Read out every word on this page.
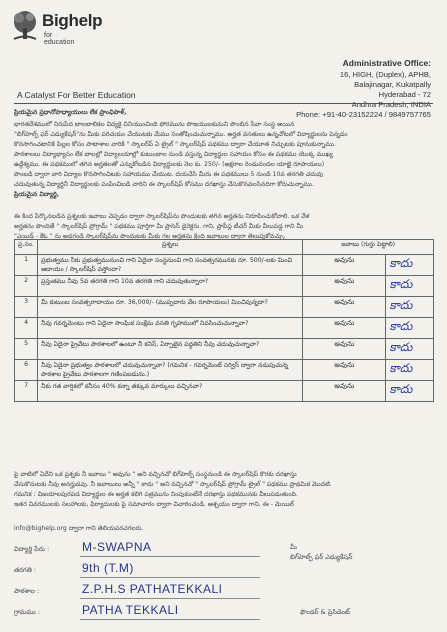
Bighelp
for education
A Catalyst For Better Education
Administrative Office:
16, HIGH, (Duplex), APHB,
Balajinagar, Kukatpally
Hyderabad - 72
Andhra Pradesh, INDIA
Phone: +91-40-23152224 / 9849757765
ప్రియమైన ప్రధానోపాధ్యాయులు లేక ప్రాంఛిపాళ్,
భారతదేశములో నిరుపేద బాలబాలికల విద్యకై వినియుంచింది ఫోరమును పొఇయుబకుమని పొంబిన సేవా సంస్థ అయిన
"బిగ్‌హెల్ప్ ఫర్ ఎడ్యుకేషన్"ను మీకు పరిచయం చేయుటకు మేము సంతోషించుచున్నాము. అర్హత వసతులు ఉన్నచోటలో విద్యార్థులను పెన్నడం
కొనసాగించటానికి పిల్లల కోసం పాటాశాల వారికి " స్కాలర్‌ప్ ఏ ట్రైల్ " స్కాలర్‌షిప్ పథకము ద్వారా చేయూత నిచ్చుటకు పూనుకున్నాము.
పాఠశాలలు విద్యాభ్యాసం లేక బాలల్లో విద్యాలయాల్లో కుటుంబాల నుండి వస్తున్న విద్యార్థుల సహాయం కోసం ఈ పథకము యొక్క ముఖ్య
ఉద్దేశ్యము. ఈ పథకములో తగిన అర్హతలతో ఎన్నుకోబడిన విద్యార్థులకు నెల కు. 250/- (అక్షరాల రెండువందల యాభై రూపాయలు)
పొంబడి ద్వారా వారి విద్యాల కొనసాగించిటకు సహాయము చేయుట. దయచేసి మీరు ఈ పథకములు 5 నుండి 10వ తరగతి చదువు
చదువుతున్న విద్యార్థినీ విద్యార్థులకు పంపించిబడి వారిని ఈ స్కాలర్‌షిప్ కోసము దరఖాస్తు చేసుకొనవలసినదిగా కోరుచున్నాము.
ప్రియమైన విద్యార్థి,
ఈ కింద పేర్కొనబడిన ప్రశ్నలకు జవాబు చెప్పడం ద్వారా స్కాలర్‌షిప్‌ను పొందుటకు తగిన అర్హతను నిరూపించుకోవాలి. ఒక వేళ
అర్హతను పొందితే " స్కాలర్‌షిప్ ప్రోగ్రామ్ " పథకము పూర్తిగా మీ ప్రాసెస్ డైరెక్టరు. గాని, ప్రాపీస్ల టీచర్ మీకు వీలుపడ్డ గాని మీ
"ఎయిడ్ - కేఓ " ను అడగండి స్కాలర్‌షిప్‌ను పొందుటకు మీకు గల అర్హతను క్రింది జవాబుల ద్వారా తెలుపుకోవచ్చు.
ప్ర.సం.	ప్రశ్నలు	జవాబు (గుర్తు పెట్టాలి)	
1	ప్రభుత్వము నీకు ప్రభుత్వమునుంచి గాని ఏదైనా సంస్థనుంచి గాని సంవత్సరమునకు రూ. 500/-లకు మించి ఆదాయం / స్కాలర్‌షిప్ వస్తోందా?	అవును	కాదు
2	ప్రస్తుతము నీవు 5వ తరగతి గాని 10వ తరగతి గాని చదువుతున్నారా?	అవును	కాదు
3	మీ కుటుంబ సంవత్సరాదాయం రూ. 36,000/- (ముప్పదారు వేల రూపాయలు) మించిపున్నదా?	అవును	కాదు
4	నీవు గవర్నమెంటు గాని ఏదైనా సాంఘిక సంక్షేమ వసతి గృహములో నివసించుచున్నావా?	అవును	కాదు
5	నీవు ఏదైనా ప్రైవేటు పాఠశాలలో ఉంటూ నీ కనిస్, ఏర్పాటైన పద్ధతిని నీవు చదువుచున్నావా?	అవును	కాదు
6	నీవు ఏదైనా ప్రభుత్వం పాఠశాలలో చదువుచున్నావా? (గమనిక - గవర్నమెంట్ సర్విస్ ద్వారా నడుపుచున్న పాఠశాల ప్రైవేటు పాఠశాలగా గణింపబడును.)	అవును	కాదు
7	నీకు గత వార్షికలో కనీసం 40% కన్నా తక్కువ మార్కులు వచ్చినవా?	అవును	కాదు
పై వాటిలో ఏదేని ఒక ప్రశ్నకు నీ జవాబు " అవును " అని వచ్చినచో బిగ్‌హెల్ప్ సంస్థనుండి ఈ స్కాలర్‌షిప్ కొరకు దరఖాస్తు
చేసుకొనుటకు నీవు అనర్హుడవు. నీ జవాబులు అన్నీ " కాదు " అని వచ్చినచో " స్కాలర్‌షిప్ ప్రోగ్రామ్ ట్రైల్ " పథకము ప్రాథమిక మొదటి.
గమనిక : విజయాలపురపడ విద్యార్థుల ఈ అర్హత కలిగి పత్రమును నింపుకుంటేనే దరఖాస్తు పథకమునకు వీలుపడుతుంది.
ఇతర వివరములకు సలహాలకు, ఫిర్యాదులకు పై సమాచారం ద్వారా విచారించండి. ఆశ్చయం ద్వారా గాని, ఈ - మెయిల్
info@bighelp.org ద్వారా గాని తెలియపరచగలరు.
విద్యార్థి పేరు :	M-SWAPNA
తరగతి :	9th (T.M)
పాఠశాల :	Z.P.H.S PATHATEKKALI
గ్రామము :	PATHA TEKKALI
మీ
బిగ్‌హెల్ప్ ఫర్ ఎడ్యుకేషన్
ఫౌండర్ & ప్రెసిడెంట్
